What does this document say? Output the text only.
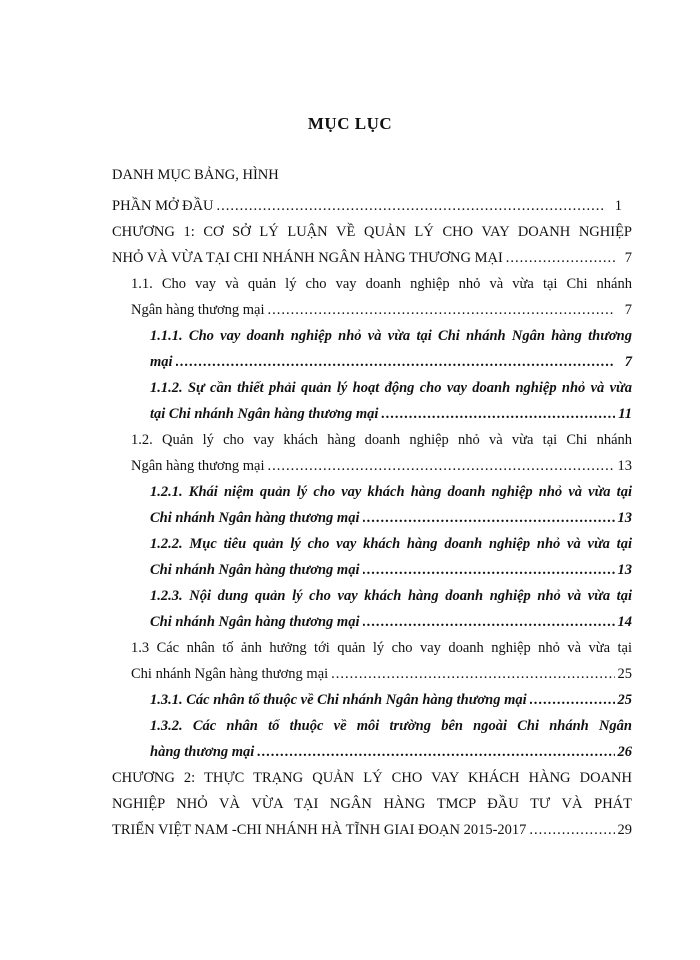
MỤC LỤC
DANH MỤC BẢNG, HÌNH
PHẦN MỞ ĐẦU .....	1
CHƯƠNG 1: CƠ SỞ LÝ LUẬN VỀ QUẢN LÝ CHO VAY DOANH NGHIỆP
NHỎ VÀ VỪA TẠI CHI NHÁNH NGÂN HÀNG THƯƠNG MẠI .....	7
1.1. Cho vay và quản lý cho vay doanh nghiệp nhỏ và vừa tại Chi nhánh
Ngân hàng thương mại .....	7
1.1.1. Cho vay doanh nghiệp nhỏ và vừa tại Chi nhánh Ngân hàng thương
mại .....	7
1.1.2. Sự cần thiết phải quản lý hoạt động cho vay doanh nghiệp nhỏ và vừa
tại Chi nhánh Ngân hàng thương mại .....	11
1.2. Quản lý cho vay khách hàng doanh nghiệp nhỏ và vừa tại Chi nhánh
Ngân hàng thương mại .....	13
1.2.1. Khái niệm quản lý cho vay khách hàng doanh nghiệp nhỏ và vừa tại
Chi nhánh Ngân hàng thương mại .....	13
1.2.2. Mục tiêu quản lý cho vay khách hàng doanh nghiệp nhỏ và vừa tại
Chi nhánh Ngân hàng thương mại .....	13
1.2.3. Nội dung quản lý cho vay khách hàng doanh nghiệp nhỏ và vừa tại
Chi nhánh Ngân hàng thương mại .....	14
1.3 Các nhân tố ảnh hưởng tới quản lý cho vay doanh nghiệp nhỏ và vừa tại
Chi nhánh Ngân hàng thương mại .....	25
1.3.1. Các nhân tố thuộc về Chi nhánh Ngân hàng thương mại .....	25
1.3.2. Các nhân tố thuộc về môi trường bên ngoài Chi nhánh Ngân
hàng thương mại .....	26
CHƯƠNG 2: THỰC TRẠNG QUẢN LÝ CHO VAY KHÁCH HÀNG DOANH
NGHIỆP NHỎ VÀ VỪA TẠI NGÂN HÀNG TMCP ĐẦU TƯ VÀ PHÁT
TRIỂN VIỆT NAM -CHI NHÁNH HÀ TĨNH GIAI ĐOẠN 2015-2017 .....	29
